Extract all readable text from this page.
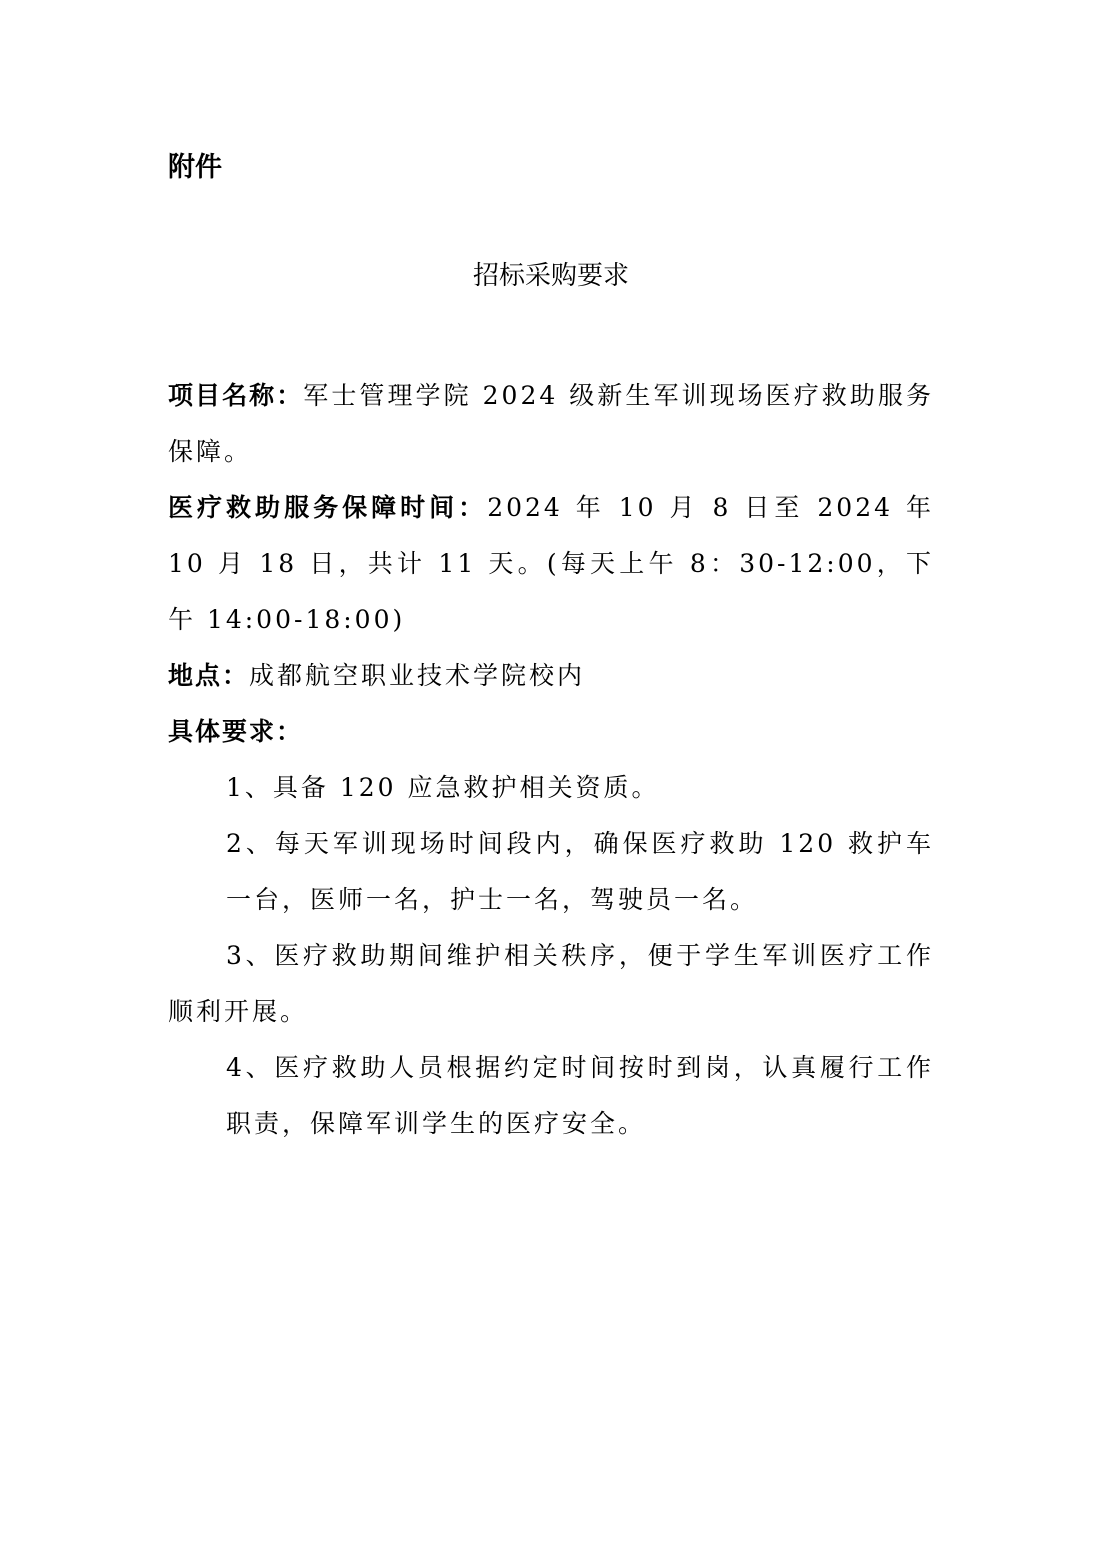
附件
招标采购要求

项目名称：军士管理学院 2024 级新生军训现场医疗救助服务保障。

医疗救助服务保障时间：2024 年 10 月 8 日至 2024 年 10 月 18 日，共计 11 天。(每天上午 8：30-12:00，下午 14:00-18:00)

地点：成都航空职业技术学院校内

具体要求：

1、具备 120 应急救护相关资质。

2、每天军训现场时间段内，确保医疗救助 120 救护车一台，医师一名，护士一名，驾驶员一名。

3、医疗救助期间维护相关秩序，便于学生军训医疗工作顺利开展。

4、医疗救助人员根据约定时间按时到岗，认真履行工作职责，保障军训学生的医疗安全。
